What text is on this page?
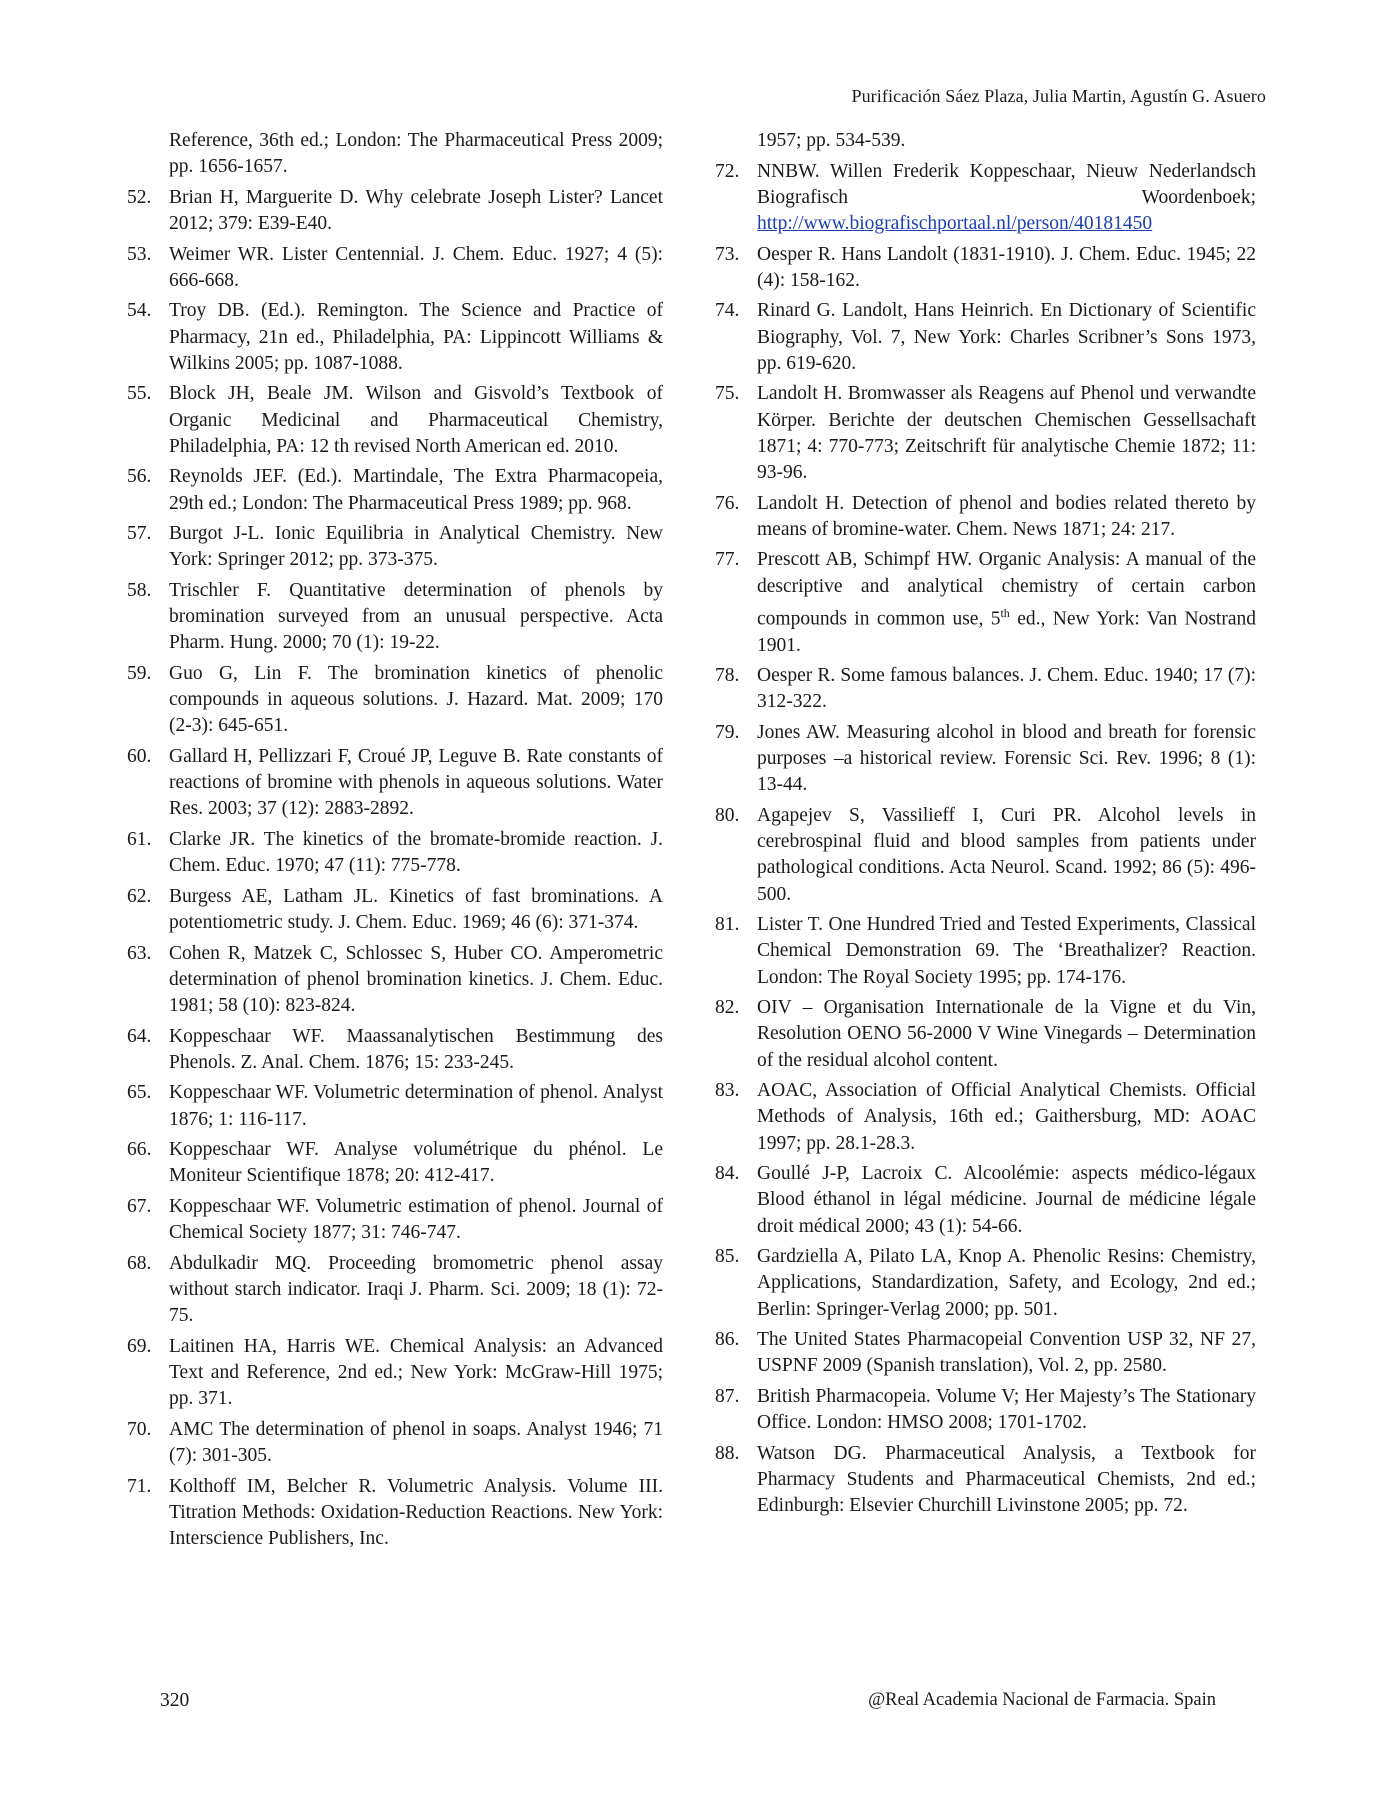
Purificación Sáez Plaza, Julia Martin, Agustín G. Asuero
Reference, 36th ed.; London: The Pharmaceutical Press 2009; pp. 1656-1657.
52. Brian H, Marguerite D. Why celebrate Joseph Lister? Lancet 2012; 379: E39-E40.
53. Weimer WR. Lister Centennial. J. Chem. Educ. 1927; 4 (5): 666-668.
54. Troy DB. (Ed.). Remington. The Science and Practice of Pharmacy, 21n ed., Philadelphia, PA: Lippincott Williams & Wilkins 2005; pp. 1087-1088.
55. Block JH, Beale JM. Wilson and Gisvold’s Textbook of Organic Medicinal and Pharmaceutical Chemistry, Philadelphia, PA: 12 th revised North American ed. 2010.
56. Reynolds JEF. (Ed.). Martindale, The Extra Pharmacopeia, 29th ed.; London: The Pharmaceutical Press 1989; pp. 968.
57. Burgot J-L. Ionic Equilibria in Analytical Chemistry. New York: Springer 2012; pp. 373-375.
58. Trischler F. Quantitative determination of phenols by bromination surveyed from an unusual perspective. Acta Pharm. Hung. 2000; 70 (1): 19-22.
59. Guo G, Lin F. The bromination kinetics of phenolic compounds in aqueous solutions. J. Hazard. Mat. 2009; 170 (2-3): 645-651.
60. Gallard H, Pellizzari F, Croué JP, Leguve B. Rate constants of reactions of bromine with phenols in aqueous solutions. Water Res. 2003; 37 (12): 2883-2892.
61. Clarke JR. The kinetics of the bromate-bromide reaction. J. Chem. Educ. 1970; 47 (11): 775-778.
62. Burgess AE, Latham JL. Kinetics of fast brominations. A potentiometric study. J. Chem. Educ. 1969; 46 (6): 371-374.
63. Cohen R, Matzek C, Schlossec S, Huber CO. Amperometric determination of phenol bromination kinetics. J. Chem. Educ. 1981; 58 (10): 823-824.
64. Koppeschaar WF. Maassanalytischen Bestimmung des Phenols. Z. Anal. Chem. 1876; 15: 233-245.
65. Koppeschaar WF. Volumetric determination of phenol. Analyst 1876; 1: 116-117.
66. Koppeschaar WF. Analyse volumétrique du phénol. Le Moniteur Scientifique 1878; 20: 412-417.
67. Koppeschaar WF. Volumetric estimation of phenol. Journal of Chemical Society 1877; 31: 746-747.
68. Abdulkadir MQ. Proceeding bromometric phenol assay without starch indicator. Iraqi J. Pharm. Sci. 2009; 18 (1): 72-75.
69. Laitinen HA, Harris WE. Chemical Analysis: an Advanced Text and Reference, 2nd ed.; New York: McGraw-Hill 1975; pp. 371.
70. AMC The determination of phenol in soaps. Analyst 1946; 71 (7): 301-305.
71. Kolthoff IM, Belcher R. Volumetric Analysis. Volume III. Titration Methods: Oxidation-Reduction Reactions. New York: Interscience Publishers, Inc.
1957; pp. 534-539.
72. NNBW. Willen Frederik Koppeschaar, Nieuw Nederlandsch Biografisch Woordenboek; http://www.biografischportaal.nl/person/40181450
73. Oesper R. Hans Landolt (1831-1910). J. Chem. Educ. 1945; 22 (4): 158-162.
74. Rinard G. Landolt, Hans Heinrich. En Dictionary of Scientific Biography, Vol. 7, New York: Charles Scribner’s Sons 1973, pp. 619-620.
75. Landolt H. Bromwasser als Reagens auf Phenol und verwandte Körper. Berichte der deutschen Chemischen Gessellsachaft 1871; 4: 770-773; Zeitschrift für analytische Chemie 1872; 11: 93-96.
76. Landolt H. Detection of phenol and bodies related thereto by means of bromine-water. Chem. News 1871; 24: 217.
77. Prescott AB, Schimpf HW. Organic Analysis: A manual of the descriptive and analytical chemistry of certain carbon compounds in common use, 5th ed., New York: Van Nostrand 1901.
78. Oesper R. Some famous balances. J. Chem. Educ. 1940; 17 (7): 312-322.
79. Jones AW. Measuring alcohol in blood and breath for forensic purposes –a historical review. Forensic Sci. Rev. 1996; 8 (1): 13-44.
80. Agapejev S, Vassilieff I, Curi PR. Alcohol levels in cerebrospinal fluid and blood samples from patients under pathological conditions. Acta Neurol. Scand. 1992; 86 (5): 496-500.
81. Lister T. One Hundred Tried and Tested Experiments, Classical Chemical Demonstration 69. The ‘Breathalizer? Reaction. London: The Royal Society 1995; pp. 174-176.
82. OIV – Organisation Internationale de la Vigne et du Vin, Resolution OENO 56-2000 V Wine Vinegards – Determination of the residual alcohol content.
83. AOAC, Association of Official Analytical Chemists. Official Methods of Analysis, 16th ed.; Gaithersburg, MD: AOAC 1997; pp. 28.1-28.3.
84. Goullé J-P, Lacroix C. Alcoolémie: aspects médico-légaux Blood éthanol in légal médicine. Journal de médicine légale droit médical 2000; 43 (1): 54-66.
85. Gardziella A, Pilato LA, Knop A. Phenolic Resins: Chemistry, Applications, Standardization, Safety, and Ecology, 2nd ed.; Berlin: Springer-Verlag 2000; pp. 501.
86. The United States Pharmacopeial Convention USP 32, NF 27, USPNF 2009 (Spanish translation), Vol. 2, pp. 2580.
87. British Pharmacopeia. Volume V; Her Majesty’s The Stationary Office. London: HMSO 2008; 1701-1702.
88. Watson DG. Pharmaceutical Analysis, a Textbook for Pharmacy Students and Pharmaceutical Chemists, 2nd ed.; Edinburgh: Elsevier Churchill Livinstone 2005; pp. 72.
320	@Real Academia Nacional de Farmacia. Spain
